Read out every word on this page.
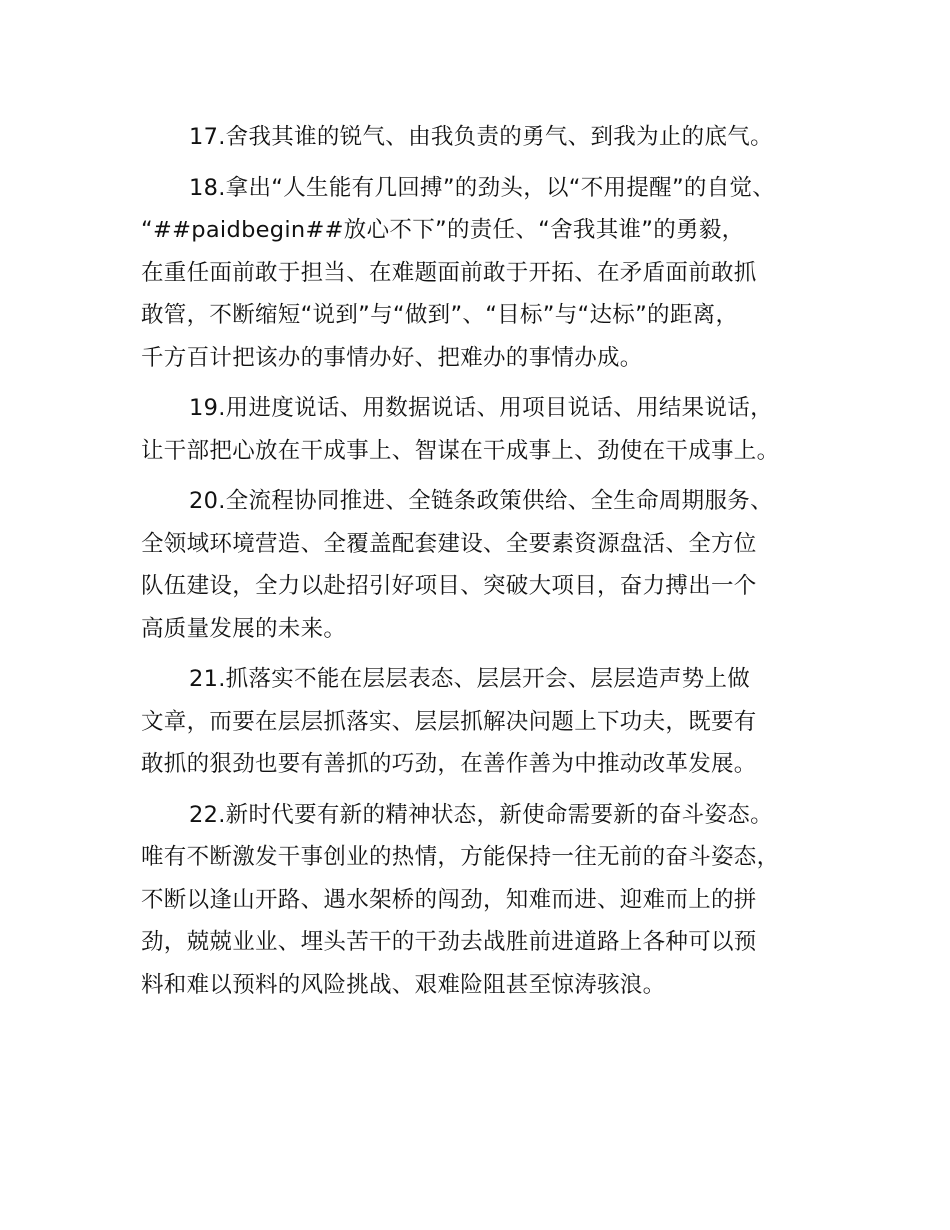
17.舍我其谁的锐气、由我负责的勇气、到我为止的底气。

18.拿出“人生能有几回搏”的劲头，以“不用提醒”的自觉、
“##paidbegin##放心不下”的责任、“舍我其谁”的勇毅，
在重任面前敢于担当、在难题面前敢于开拓、在矛盾面前敢抓
敢管，不断缩短“说到”与“做到”、“目标”与“达标”的距离，
千方百计把该办的事情办好、把难办的事情办成。

19.用进度说话、用数据说话、用项目说话、用结果说话，
让干部把心放在干成事上、智谋在干成事上、劲使在干成事上。

20.全流程协同推进、全链条政策供给、全生命周期服务、
全领域环境营造、全覆盖配套建设、全要素资源盘活、全方位
队伍建设，全力以赴招引好项目、突破大项目，奋力搏出一个
高质量发展的未来。

21.抓落实不能在层层表态、层层开会、层层造声势上做
文章，而要在层层抓落实、层层抓解决问题上下功夫，既要有
敢抓的狠劲也要有善抓的巧劲，在善作善为中推动改革发展。

22.新时代要有新的精神状态，新使命需要新的奋斗姿态。
唯有不断激发干事创业的热情，方能保持一往无前的奋斗姿态，
不断以逢山开路、遇水架桥的闯劲，知难而进、迎难而上的拼
劲，兢兢业业、埋头苦干的干劲去战胜前进道路上各种可以预
料和难以预料的风险挑战、艰难险阻甚至惊涛骇浪。
